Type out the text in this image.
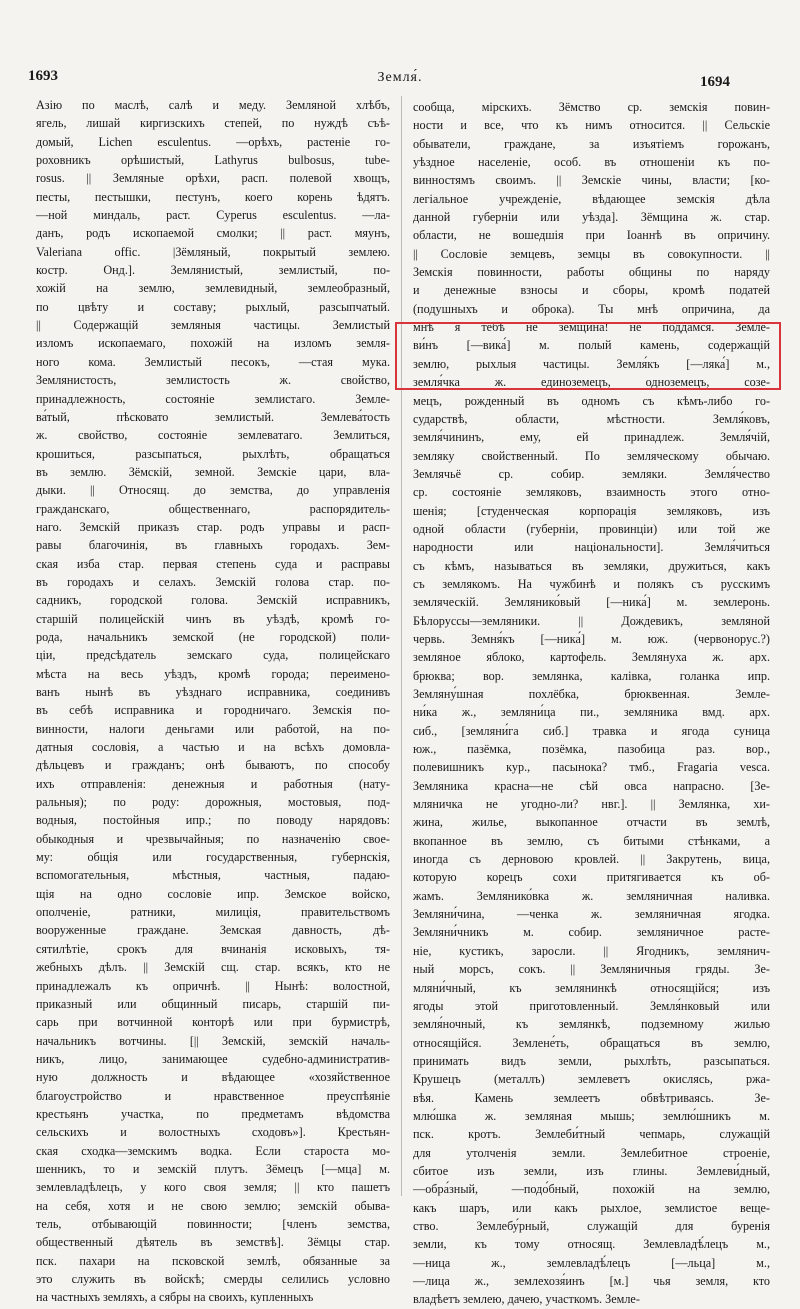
1693	Земля́.	1694
Азію по маслѣ, салѣ и меду. Земляной хлѣбъ,
ягель, лишай киргизскихъ степей, по нуждѣ съѣ-
домый, Lichen esculentus. —орѣхъ, растеніе го-
роховникъ орѣшистый, Lathyrus bulbosus, tube-
rosus. || Земляные орѣхи, расп. полевой хвощъ,
песты, пестышки, пестунъ, коего корень ѣдятъ.
—ной миндаль, раст. Cyperus esculentus. —ла-
данъ, родъ ископаемой смолки; || раст. мяунъ,
Valeriana offic. |Зёмляный, покрытый землею.
костр. Онд.]. Землянистый, землистый, по-
хожій на землю, землевидный, землеобразный,
по цвѣту и составу; рыхлый, разсыпчатый.
|| Содержащій земляныя частицы. Землистый
изломъ ископаемаго, похожій на изломъ земля-
ного кома. Землистый песокъ, —стая мука.
Землянистость, землистость ж. свойство,
принадлежность, состояніе землистаго. Земле-
ва́тый, пѣсковато землистый. Землева́тость
ж. свойство, состояніе землеватаго. Землиться,
крошиться, разсыпаться, рыхлѣть, обращаться
въ землю. Зёмскій, земной. Земскіе цари, вла-
дыки. || Относящ. до земства, до управленія
гражданскаго, общественнаго, распорядитель-
наго. Земскій приказъ стар. родъ управы и расп-
равы благочинія, въ главныхъ городахъ. Зем-
ская изба стар. первая степень суда и расправы
въ городахъ и селахъ. Земскій голова стар. по-
садникъ, городской голова. Земскій исправникъ,
старшій полицейскій чинъ въ уѣздѣ, кромѣ го-
рода, начальникъ земской (не городской) поли-
ціи, предсѣдатель земскаго суда, полицейскаго
мѣста на весь уѣздъ, кромѣ города; переимено-
ванъ нынѣ въ уѣзднаго исправника, соединивъ
въ себѣ исправника и городничаго. Земскія по-
винности, налоги деньгами или работой, на по-
датныя сословія, а частью и на всѣхъ домовла-
дѣльцевъ и гражданъ; онѣ бываютъ, по способу
ихъ отправленія: денежныя и работныя (нату-
ральныя); по роду: дорожныя, мостовыя, под-
водныя, постойныя ипр.; по поводу нарядовъ:
обыкодныя и чрезвычайныя; по назначенію свое-
му: общія или государственныя, губернскія,
вспомогательныя, мѣстныя, частныя, падаю-
щія на одно сословіе ипр. Земское войско,
ополченіе, ратники, милиція, правительствомъ
вооруженные граждане. Земская давность, дѣ-
сятилѣтіе, срокъ для вчинанія исковыхъ, тя-
жебныхъ дѣлъ. || Земскій сщ. стар. всякъ, кто не
принадлежалъ къ опричнѣ. || Нынѣ: волостной,
приказный или общинный писарь, старшій пи-
сарь при вотчинной конторѣ или при бурмистрѣ,
начальникъ вотчины. [|| Земскій, земскій началь-
никъ, лицо, занимающее судебно-административ-
ную должность и вѣдающее «хозяйственное
благоустройство и нравственное преуспѣяніе
крестьянъ участка, по предметамъ вѣдомства
сельскихъ и волостныхъ сходовъ»]. Крестьян-
ская сходка—земскимъ водка. Если староста мо-
шенникъ, то и земскій плутъ. Зёмецъ [—мца] м.
землевладѣлецъ, у кого своя земля; || кто пашетъ
на себя, хотя и не свою землю; земскій обыва-
тель, отбывающій повинности; [членъ земства,
общественный дѣятель въ земствѣ]. Зёмцы стар.
пск. пахари на псковской землѣ, обязанные за
это служить въ войскѣ; смерды селились условно
на частныхъ земляхъ, а сябры на своихъ, купленныхъ
сообща, мірскихъ. Зёмство ср. земскія повин-
ности и все, что къ нимъ относится. || Сельскіе
обыватели, граждане, за изъятіемъ горожанъ,
уѣздное населеніе, особ. въ отношеніи къ по-
винностямъ своимъ. || Земскіе чины, власти; [ко-
легіальное учрежденіе, вѣдающее земскія дѣла
данной губерніи или уѣзда]. Зёмщина ж. стар.
области, не вошедшія при Іоаннѣ въ опричину.
|| Сословіе земцевъ, земцы въ совокупности. ||
Земскія повинности, работы общины по наряду
и денежные взносы и сборы, кромѣ податей
(подушныхъ и оброка). Ты мнѣ опричина, да
мнѣ я тебѣ не земщина! не поддамся. Земле-
ви́нъ [—вика́] м. полый камень, содержащій
землю, рыхлыя частицы. Земля́къ [—ляка́] м.,
земля́чка ж. единоземецъ, одноземецъ, созе-
мецъ, рожденный въ одномъ съ кѣмъ-либо го-
сударствѣ, области, мѣстности. Земля́ковъ,
земля́чининъ, ему, ей принадлеж. Земля́чій,
земляку свойственный. По земляческому обычаю.
Землячьё ср. собир. земляки. Земля́чество
ср. состояніе земляковъ, взаимность этого отно-
шенія; [студенческая корпорація земляковъ, изъ
одной области (губерніи, провинціи) или той же
народности или національности]. Земля́читься
съ кѣмъ, называться въ земляки, дружиться, какъ
съ землякомъ. На чужбинѣ и полякъ съ русскимъ
земляческій. Землянико́вый [—ника́] м. землеронь.
Бѣлоруссы—земляники. || Дождевикъ, земляной
червь. Земня́къ [—ника́] м. юж. (червонорус.?)
земляное яблоко, картофель. Землянуха ж. арх.
брюква; вор. землянка, калівка, голанка ипр.
Земляну́шная похлёбка, брюквенная. Земле-
ни́ка ж., земляни́ца пи., земляника вмд. арх.
сиб., [земляни́га сиб.] травка и ягода суница
юж., пазёмка, позёмка, пазобица раз. вор.,
полевишникъ кур., пасынока? тмб., Fragaria vesca.
Земляника красна—не сѣй овса напрасно. [Зе-
мляничка не угодно-ли? нвг.]. || Землянка, хи-
жина, жилье, выкопанное отчасти въ землѣ,
вкопанное въ землю, съ битыми стѣнками, а
иногда съ дерновою кровлей. || Закрутень, вица,
которую корецъ сохи притягивается къ об-
жамъ. Землянико́вка ж. земляничная наливка.
Земляни́чина, —ченка ж. земляничная ягодка.
Земляни́чникъ м. собир. земляничное расте-
ніе, кустикъ, заросли. || Ягодникъ, землянич-
ный морсъ, сокъ. || Земляничныя гряды. Зе-
мляни́чный, къ землянинкѣ относящійся; изъ
ягоды этой приготовленный. Земля́нковый или
земля́ночный, къ землянкѣ, подземному жилью
относящійся. Землене́ть, обращаться въ землю,
принимать видъ земли, рыхлѣть, разсыпаться.
Крушецъ (металлъ) землеветъ окислясь, ржа-
вѣя. Камень землеетъ обвѣтриваясь. Зе-
млю́шка ж. земляная мышь; землю́шникъ м.
пск. кротъ. Землеби́тный чепмарь, служащій
для утолченія земли. Землебитное строеніе,
сбитое изъ земли, изъ глины. Землеви́дный,
—обра́зный, —подо́бный, похожій на землю,
какъ шаръ, или какъ рыхлое, землистое веще-
ство. Землебу́рный, служащій для буренія
земли, къ тому относящ. Землевладѣ́лецъ м.,
—ница ж., землевладѣ́лецъ [—льца] м.,
—лица ж., землехозя́инъ [м.] чья земля, кто
владѣетъ землею, дачею, участкомъ. Земле-
